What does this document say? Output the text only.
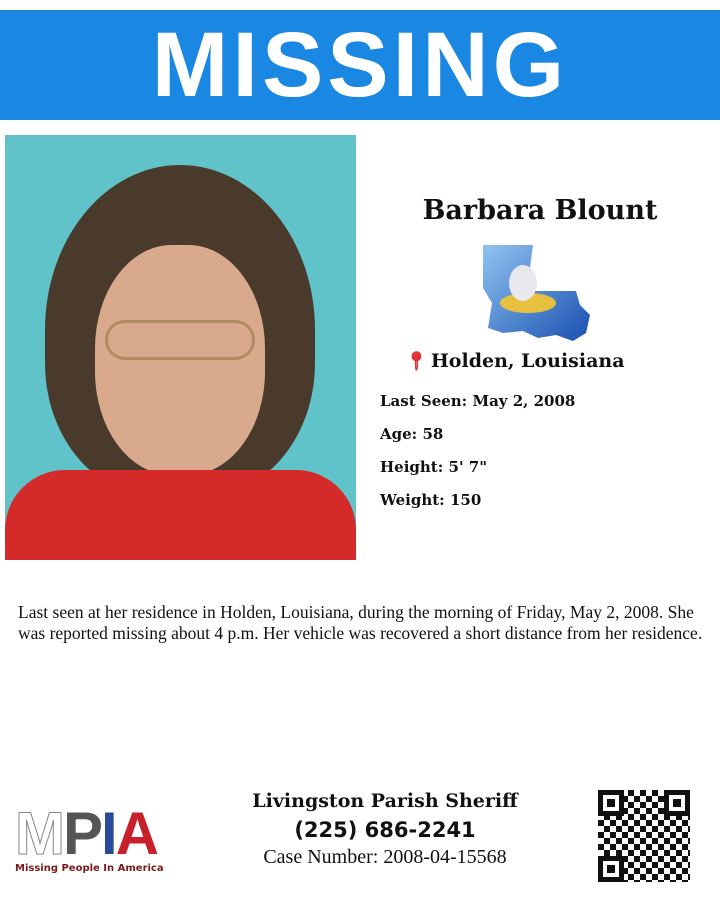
MISSING
Barbara Blount
📍︎ Holden, Louisiana
Last Seen: May 2, 2008
Age: 58
Height: 5' 7"
Weight: 150

Last seen at her residence in Holden, Louisiana, during the morning of Friday, May 2, 2008. She was reported missing about 4 p.m. Her vehicle was recovered a short distance from her residence.

MPIA
Missing People In America
Livingston Parish Sheriff
(225) 686-2241
Case Number: 2008-04-15568
